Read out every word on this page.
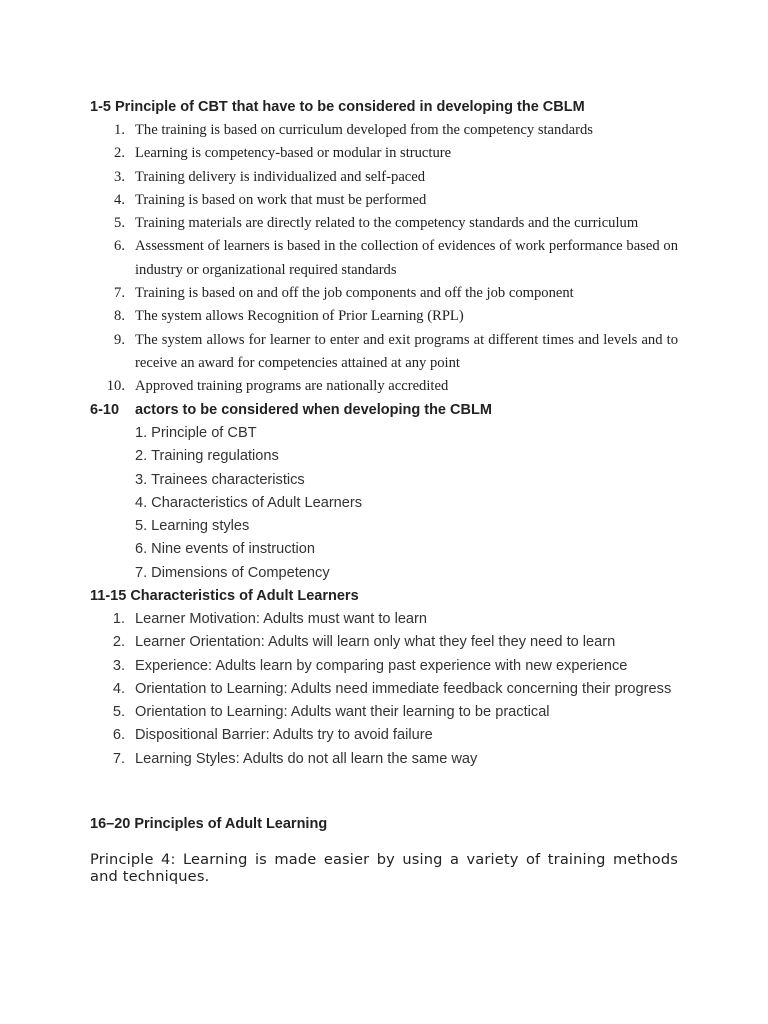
1-5 Principle of CBT that have to be considered in developing the CBLM

1. The training is based on curriculum developed from the competency standards
2. Learning is competency-based or modular in structure
3. Training delivery is individualized and self-paced
4. Training is based on work that must be performed
5. Training materials are directly related to the competency standards and the curriculum
6. Assessment of learners is based in the collection of evidences of work performance based on industry or organizational required standards
7. Training is based on and off the job components and off the job component
8. The system allows Recognition of Prior Learning (RPL)
9. The system allows for learner to enter and exit programs at different times and levels and to receive an award for competencies attained at any point
10. Approved training programs are nationally accredited

6-10 actors to be considered when developing the CBLM

1. Principle of CBT
2. Training regulations
3. Trainees characteristics
4. Characteristics of Adult Learners
5. Learning styles
6. Nine events of instruction
7. Dimensions of Competency

11-15 Characteristics of Adult Learners

1. Learner Motivation: Adults must want to learn
2. Learner Orientation: Adults will learn only what they feel they need to learn
3. Experience: Adults learn by comparing past experience with new experience
4. Orientation to Learning: Adults need immediate feedback concerning their progress
5. Orientation to Learning: Adults want their learning to be practical
6. Dispositional Barrier: Adults try to avoid failure
7. Learning Styles: Adults do not all learn the same way

16–20 Principles of Adult Learning

Principle 4: Learning is made easier by using a variety of training methods and techniques.
